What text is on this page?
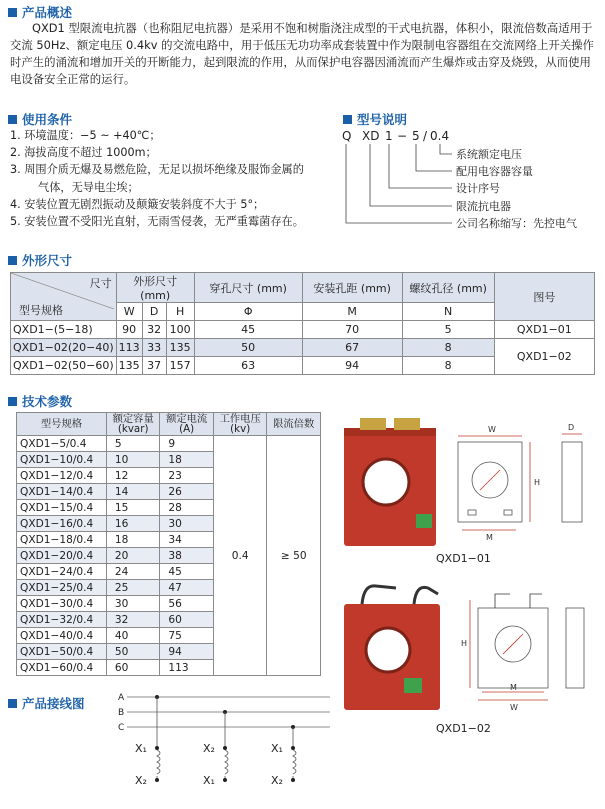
产品概述
QXD1 型限流电抗器（也称阻尼电抗器）是采用不饱和树脂浇注成型的干式电抗器，体积小，限流倍数高适用于交流 50Hz、额定电压 0.4kv 的交流电路中，用于低压无功功率成套装置中作为限制电容器组在交流网络上开关操作时产生的涌流和增加开关的开断能力，起到限流的作用，从而保护电容器因涌流而产生爆炸或击穿及烧毁，从而使用电设备安全正常的运行。
使用条件
1. 环境温度：−5 ~ +40℃；
2. 海拔高度不超过 1000m；
3. 周围介质无爆及易燃危险，无足以损坏绝缘及服饰金属的
气体，无导电尘埃；
4. 安装位置无剧烈振动及颠簸安装斜度不大于 5°；
5. 安装位置不受阳光直射，无雨雪侵袭，无严重霉菌存在。
型号说明
Q XD 1 − 5 / 0.4
系统额定电压
配用电容器容量
设计序号
限流抗电器
公司名称缩写：先控电气
外形尺寸
尺寸
型号规格	外形尺寸 (mm)			穿孔尺寸 (mm)	安装孔距 (mm)	螺纹孔径 (mm)	图号
	W	D	H	Φ	M	N	
QXD1−(5−18)	90	32	100	45	70	5	QXD1−01
QXD1−02(20−40)	113	33	135	50	67	8	QXD1−02
QXD1−02(50−60)	135	37	157	63	94	8	
技术参数
型号规格	额定容量 (kvar)	额定电流 (A)	工作电压 (kv)	限流倍数
QXD1−5/0.4	5	9	0.4	≥ 50
QXD1−10/0.4	10	18		
QXD1−12/0.4	12	23		
QXD1−14/0.4	14	26		
QXD1−15/0.4	15	28		
QXD1−16/0.4	16	30		
QXD1−18/0.4	18	34		
QXD1−20/0.4	20	38		
QXD1−24/0.4	24	45		
QXD1−25/0.4	25	47		
QXD1−30/0.4	30	56		
QXD1−32/0.4	32	60		
QXD1−40/0.4	40	75		
QXD1−50/0.4	50	94		
QXD1−60/0.4	60	113		
W
M
H
D
QXD1−01
H
M
W
QXD1−02
产品接线图	A
B
C
X₁
X₂
X₂
X₁
X₁
X₂
